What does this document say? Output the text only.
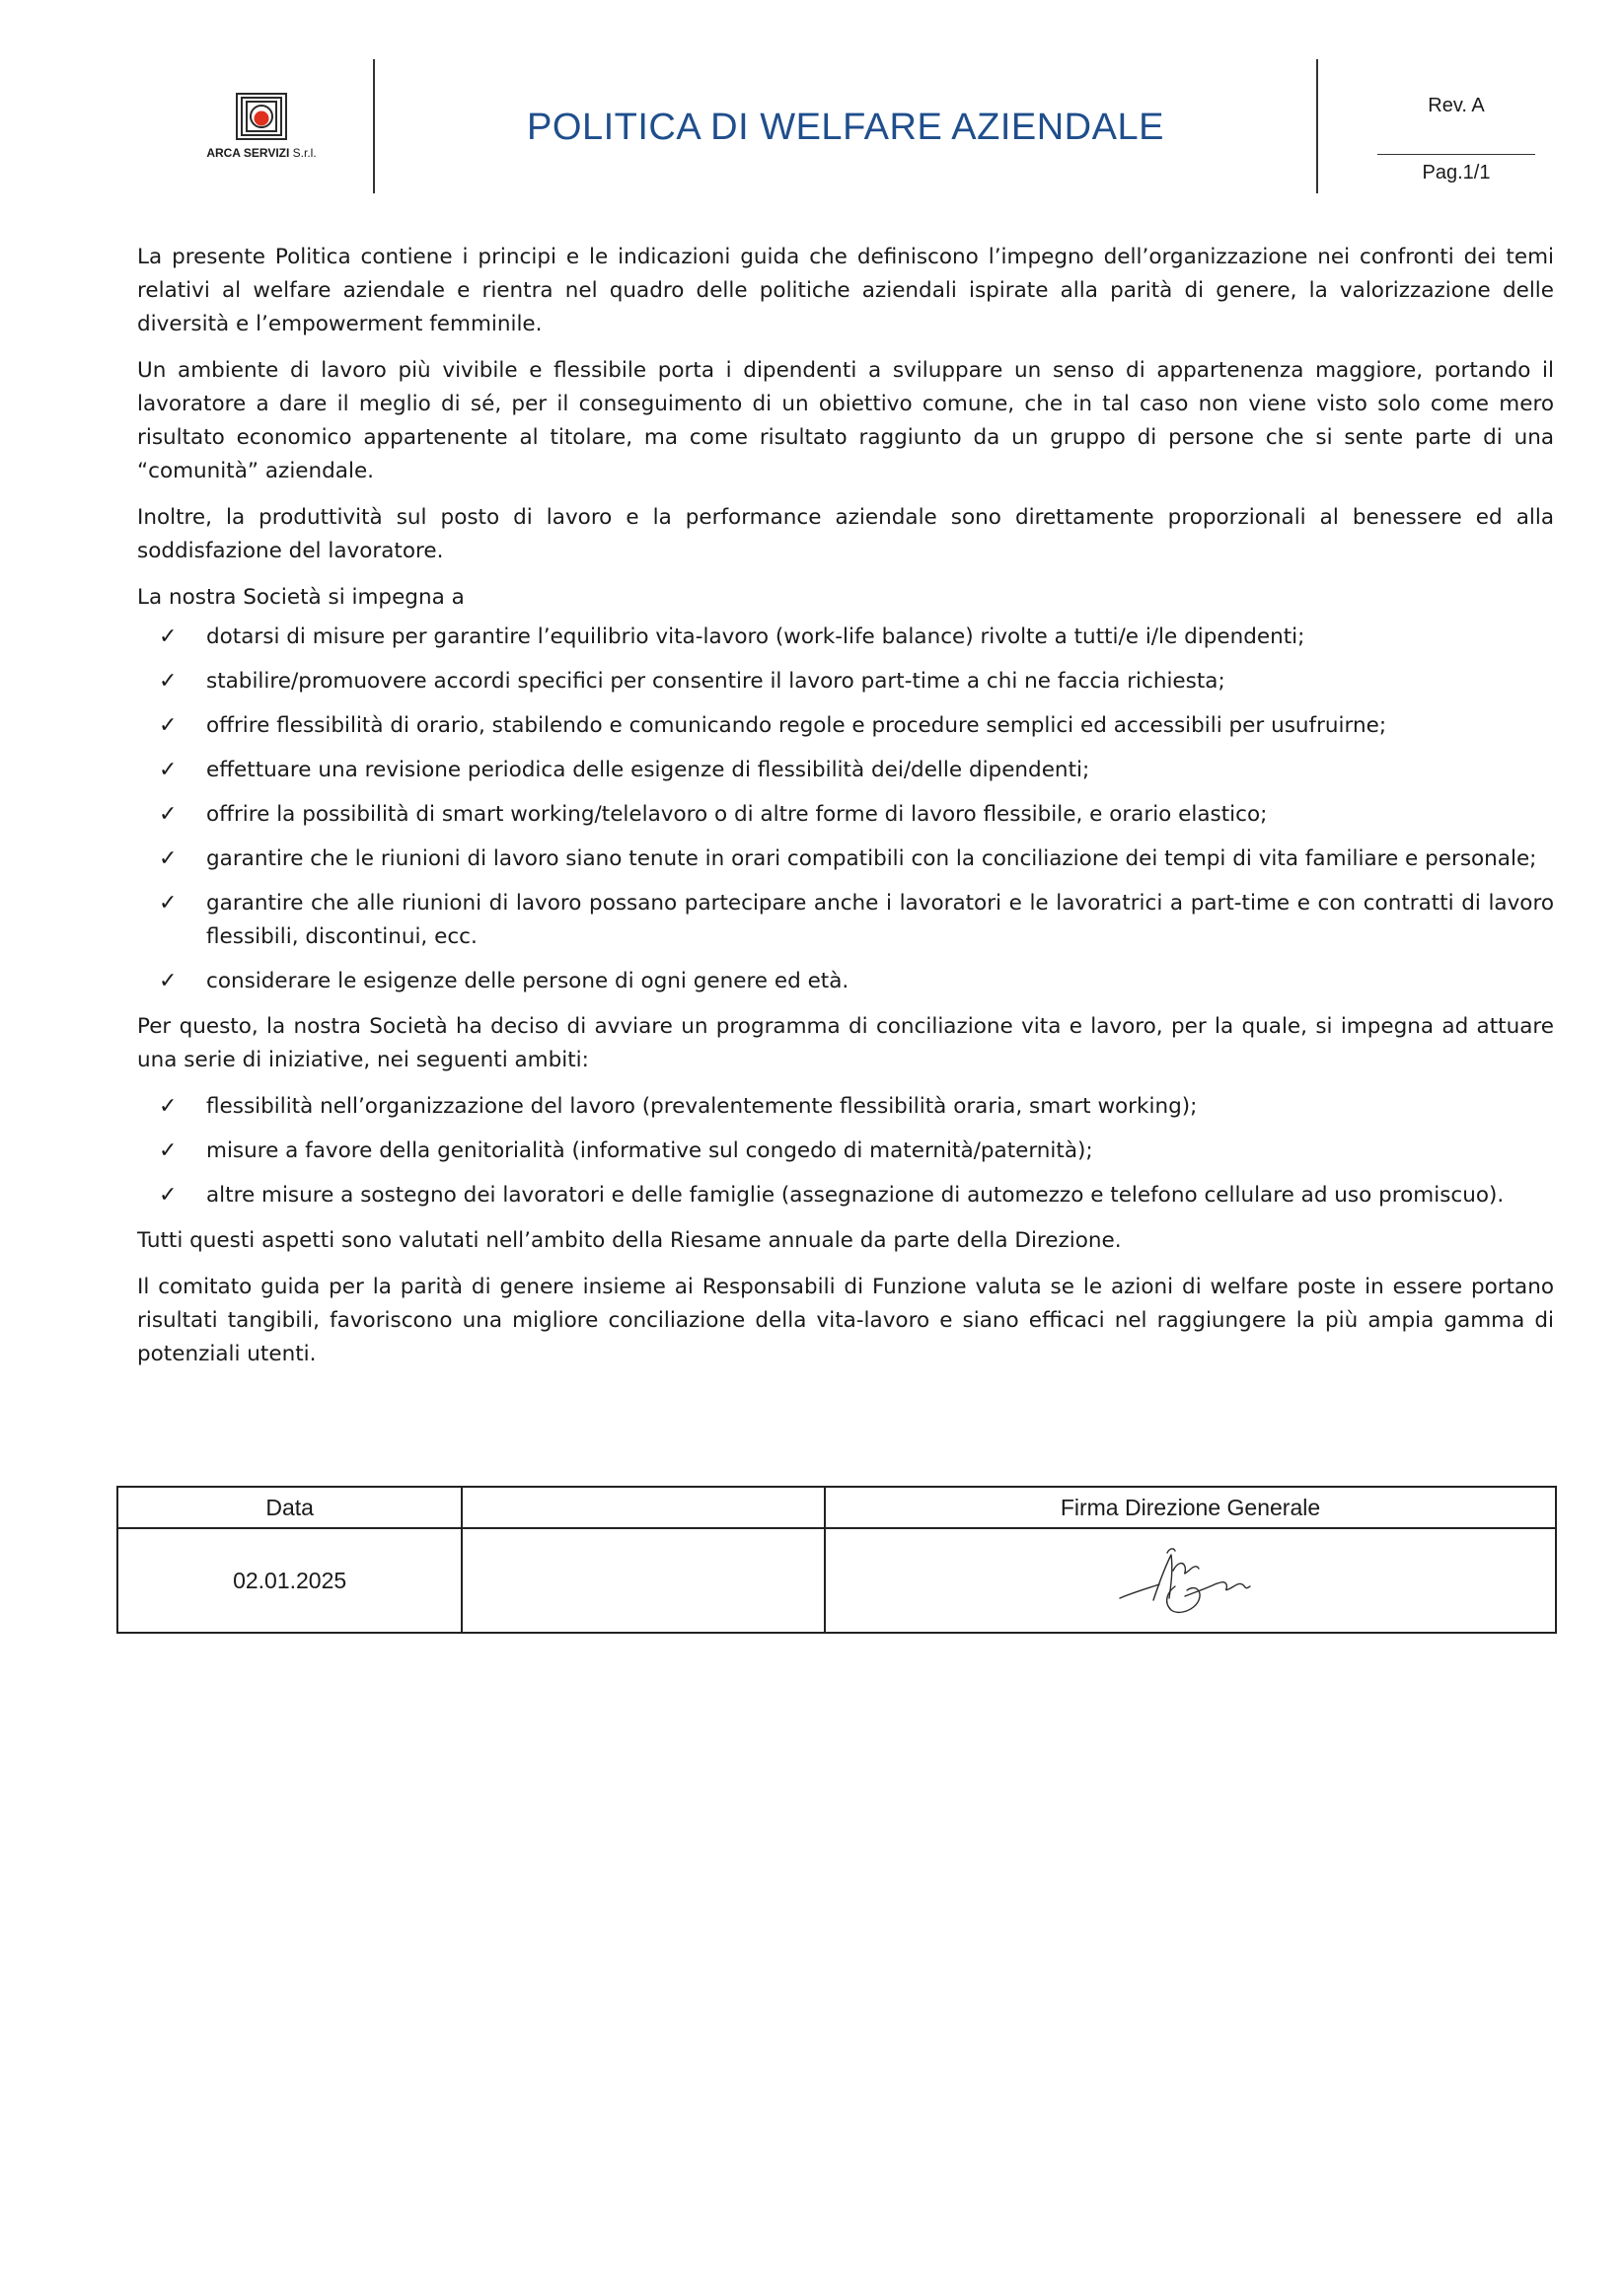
ARCA SERVIZI S.r.l.
POLITICA DI WELFARE AZIENDALE
Rev. A
Pag.1/1

La presente Politica contiene i principi e le indicazioni guida che definiscono l’impegno dell’organizzazione nei confronti dei temi relativi al welfare aziendale e rientra nel quadro delle politiche aziendali ispirate alla parità di genere, la valorizzazione delle diversità e l’empowerment femminile.

Un ambiente di lavoro più vivibile e flessibile porta i dipendenti a sviluppare un senso di appartenenza maggiore, portando il lavoratore a dare il meglio di sé, per il conseguimento di un obiettivo comune, che in tal caso non viene visto solo come mero risultato economico appartenente al titolare, ma come risultato raggiunto da un gruppo di persone che si sente parte di una “comunità” aziendale.

Inoltre, la produttività sul posto di lavoro e la performance aziendale sono direttamente proporzionali al benessere ed alla soddisfazione del lavoratore.

La nostra Società si impegna a

✓ dotarsi di misure per garantire l’equilibrio vita-lavoro (work-life balance) rivolte a tutti/e i/le dipendenti;
✓ stabilire/promuovere accordi specifici per consentire il lavoro part-time a chi ne faccia richiesta;
✓ offrire flessibilità di orario, stabilendo e comunicando regole e procedure semplici ed accessibili per usufruirne;
✓ effettuare una revisione periodica delle esigenze di flessibilità dei/delle dipendenti;
✓ offrire la possibilità di smart working/telelavoro o di altre forme di lavoro flessibile, e orario elastico;
✓ garantire che le riunioni di lavoro siano tenute in orari compatibili con la conciliazione dei tempi di vita familiare e personale;
✓ garantire che alle riunioni di lavoro possano partecipare anche i lavoratori e le lavoratrici a part-time e con contratti di lavoro flessibili, discontinui, ecc.
✓ considerare le esigenze delle persone di ogni genere ed età.

Per questo, la nostra Società ha deciso di avviare un programma di conciliazione vita e lavoro, per la quale, si impegna ad attuare una serie di iniziative, nei seguenti ambiti:

✓ flessibilità nell’organizzazione del lavoro (prevalentemente flessibilità oraria, smart working);
✓ misure a favore della genitorialità (informative sul congedo di maternità/paternità);
✓ altre misure a sostegno dei lavoratori e delle famiglie (assegnazione di automezzo e telefono cellulare ad uso promiscuo).

Tutti questi aspetti sono valutati nell’ambito della Riesame annuale da parte della Direzione.

Il comitato guida per la parità di genere insieme ai Responsabili di Funzione valuta se le azioni di welfare poste in essere portano risultati tangibili, favoriscono una migliore conciliazione della vita-lavoro e siano efficaci nel raggiungere la più ampia gamma di potenziali utenti.

Data		Firma Direzione Generale
02.01.2025		
